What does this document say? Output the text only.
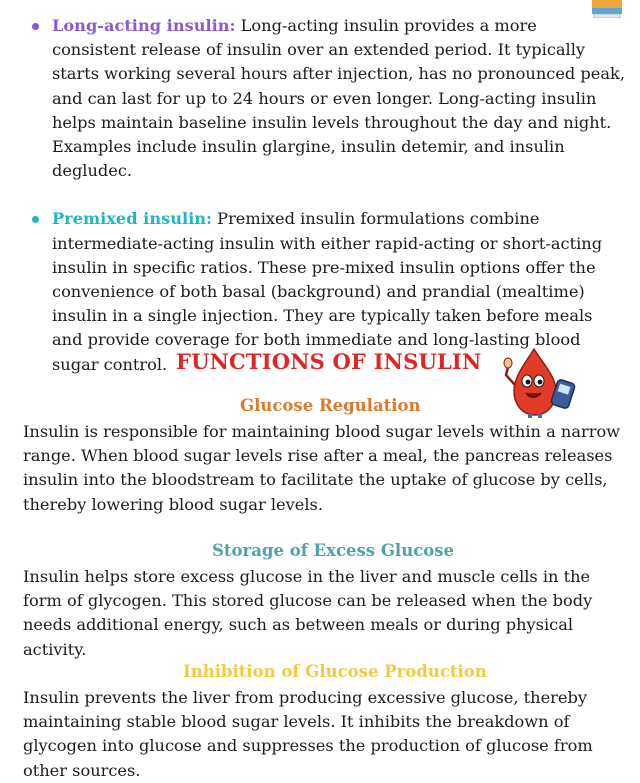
Long-acting insulin: Long-acting insulin provides a more consistent release of insulin over an extended period. It typically starts working several hours after injection, has no pronounced peak, and can last for up to 24 hours or even longer. Long-acting insulin helps maintain baseline insulin levels throughout the day and night. Examples include insulin glargine, insulin detemir, and insulin degludec.
Premixed insulin: Premixed insulin formulations combine intermediate-acting insulin with either rapid-acting or short-acting insulin in specific ratios. These pre-mixed insulin options offer the convenience of both basal (background) and prandial (mealtime) insulin in a single injection. They are typically taken before meals and provide coverage for both immediate and long-lasting blood sugar control. FUNCTIONS OF INSULIN
Glucose Regulation
Insulin is responsible for maintaining blood sugar levels within a narrow range. When blood sugar levels rise after a meal, the pancreas releases insulin into the bloodstream to facilitate the uptake of glucose by cells, thereby lowering blood sugar levels.
Storage of Excess Glucose
Insulin helps store excess glucose in the liver and muscle cells in the form of glycogen. This stored glucose can be released when the body needs additional energy, such as between meals or during physical activity.
Inhibition of Glucose Production
Insulin prevents the liver from producing excessive glucose, thereby maintaining stable blood sugar levels. It inhibits the breakdown of glycogen into glucose and suppresses the production of glucose from other sources.
